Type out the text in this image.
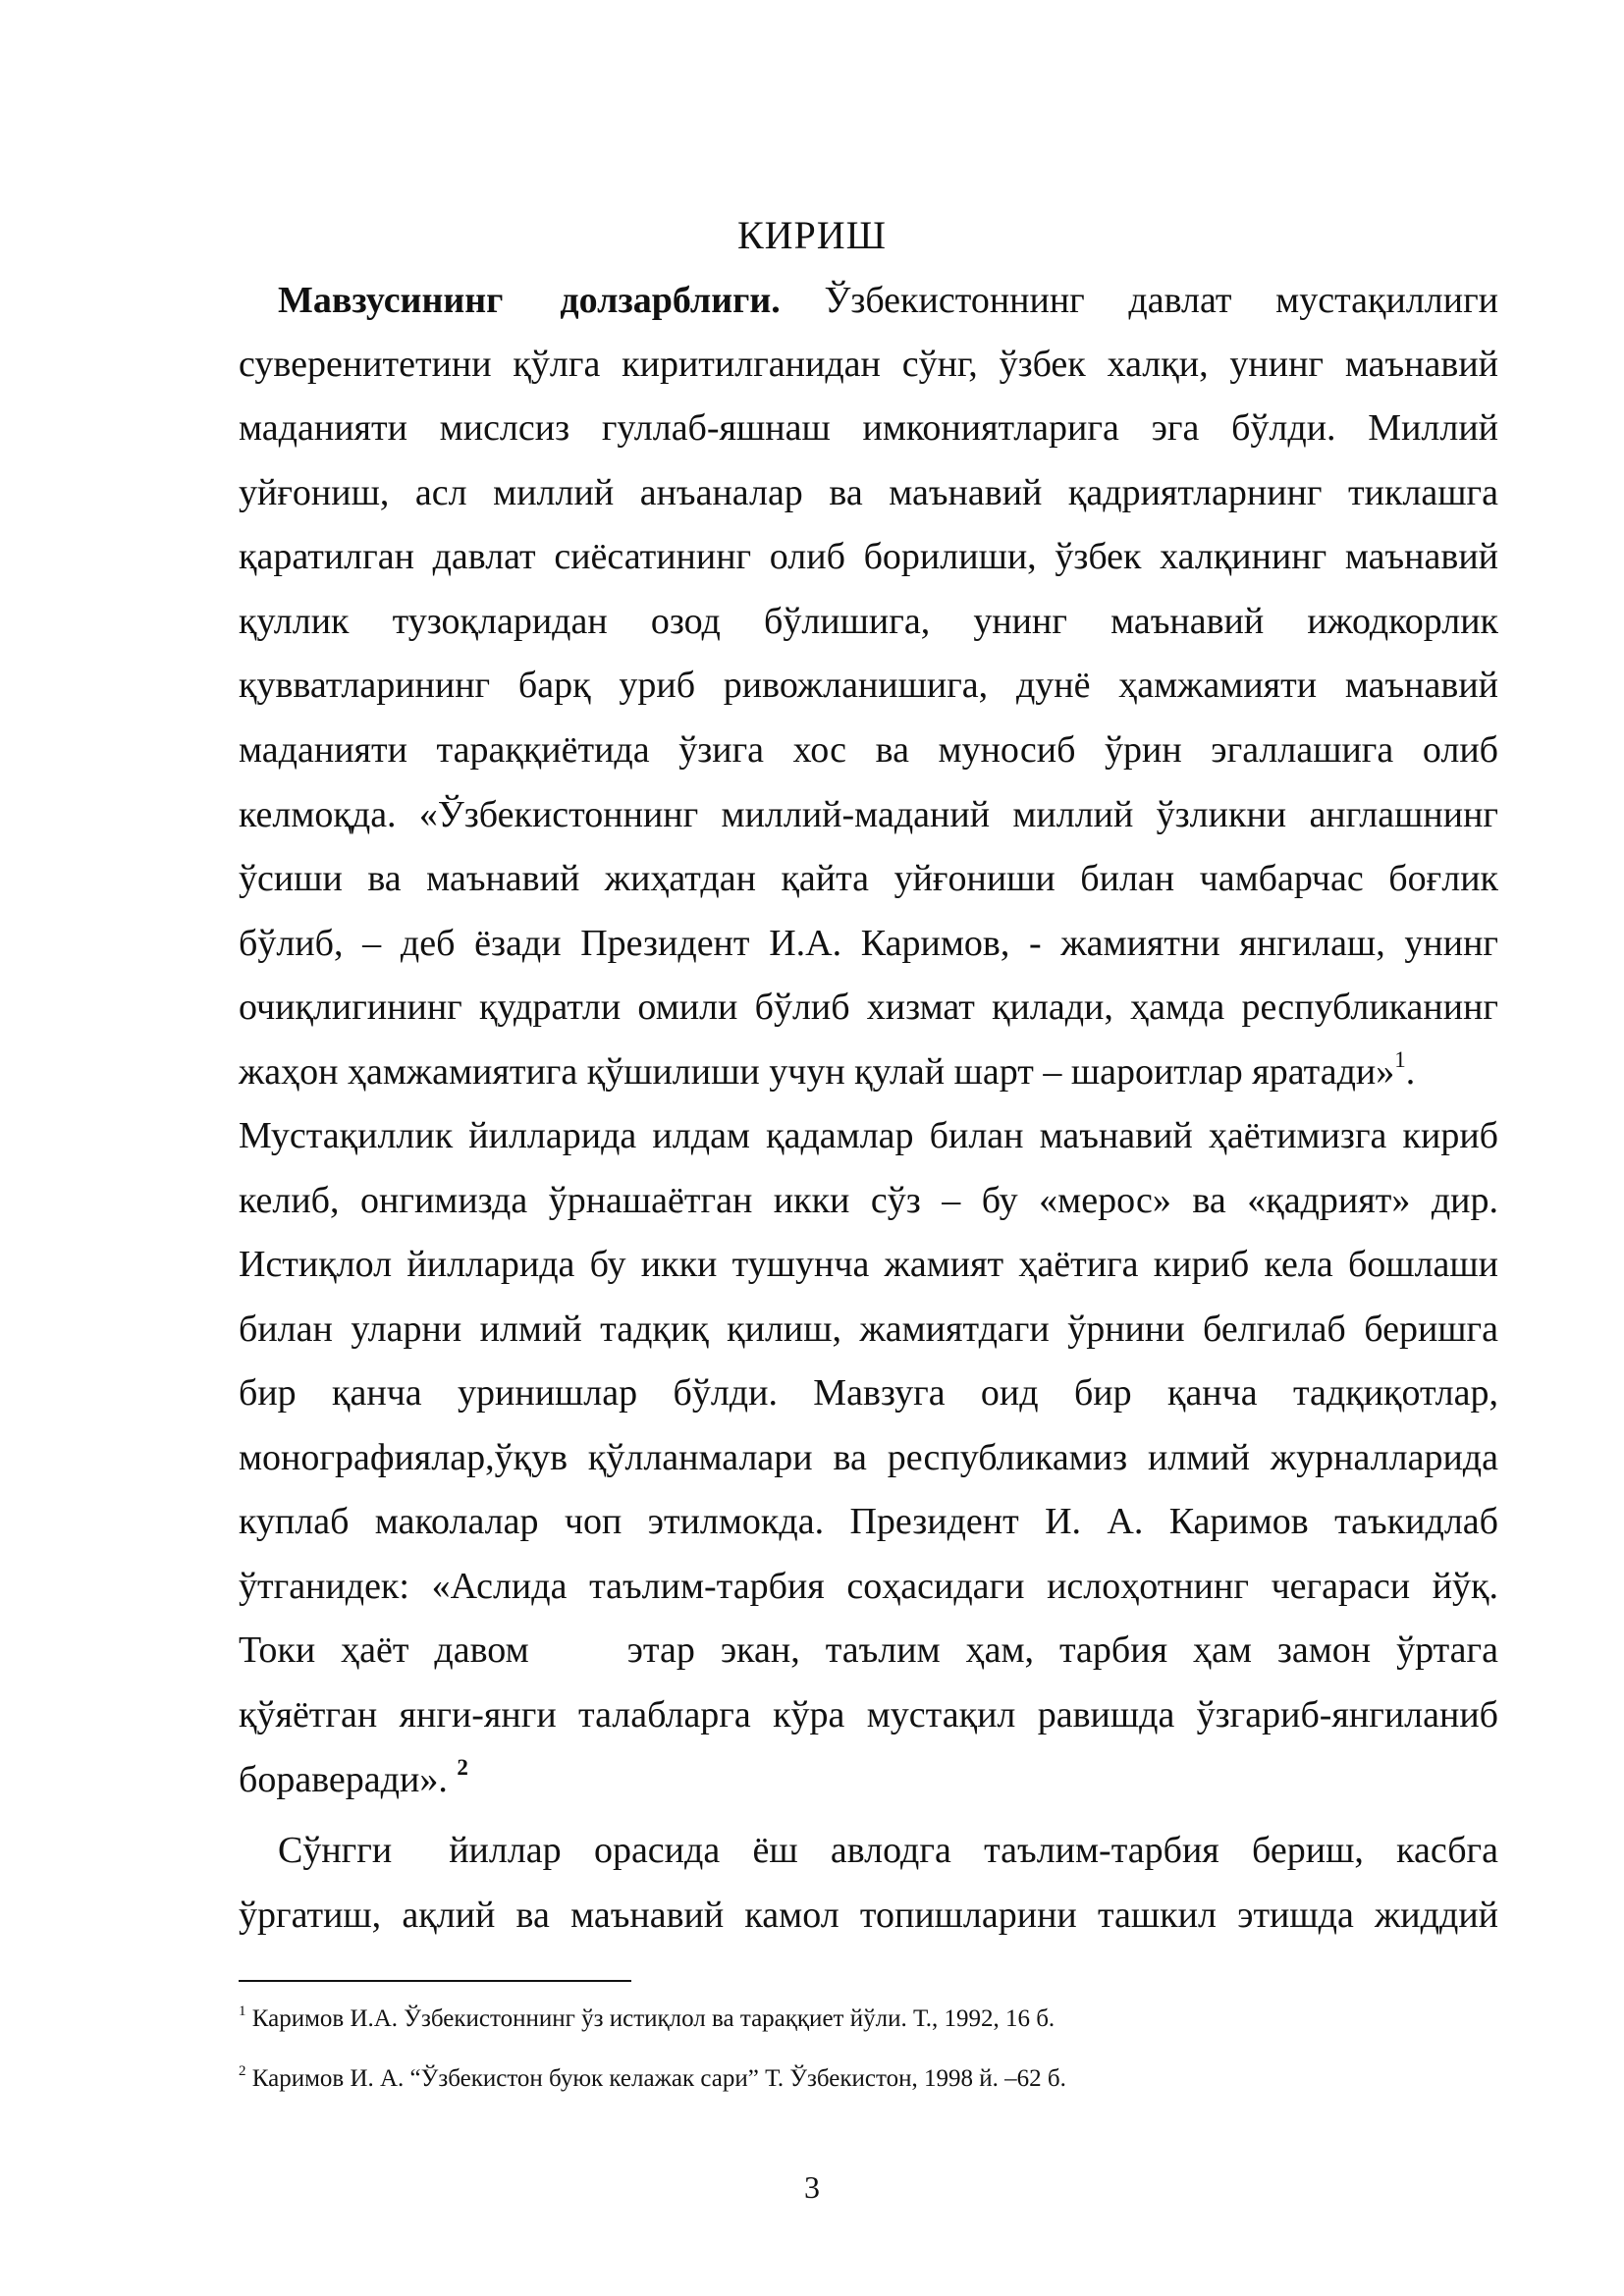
КИРИШ
Мавзусининг долзарблиги. Ўзбекистоннинг давлат мустақиллиги
суверенитетини қўлга киритилганидан сўнг, ўзбек халқи, унинг маънавий
маданияти мислсиз гуллаб-яшнаш имкониятларига эга бўлди. Миллий
уйғониш, асл миллий анъаналар ва маънавий қадриятларнинг тиклашга
қаратилган давлат сиёсатининг олиб борилиши, ўзбек халқининг маънавий
қуллик тузоқларидан озод бўлишига, унинг маънавий ижодкорлик
қувватларининг барқ уриб ривожланишига, дунё ҳамжамияти маънавий
маданияти тараққиётида ўзига хос ва муносиб ўрин эгаллашига олиб
келмоқда. «Ўзбекистоннинг миллий-маданий миллий ўзликни англашнинг
ўсиши ва маънавий жиҳатдан қайта уйғониши билан чамбарчас боғлик
бўлиб, – деб ёзади Президент И.А. Каримов, - жамиятни янгилаш, унинг
очиқлигининг қудратли омили бўлиб хизмат қилади, ҳамда республиканинг
жаҳон ҳамжамиятига қўшилиши учун қулай шарт – шароитлар яратади»$^1$.
Мустақиллик йилларида илдам қадамлар билан маънавий ҳаётимизга кириб
келиб, онгимизда ўрнашаётган икки сўз – бу «мерос» ва «қадрият» дир.
Истиқлол йилларида бу икки тушунча жамият ҳаётига кириб кела бошлаши
билан уларни илмий тадқиқ қилиш, жамиятдаги ўрнини белгилаб беришга
бир қанча уринишлар бўлди. Мавзуга оид бир қанча тадқиқотлар,
монографиялар,ўқув қўлланмалари ва республикамиз илмий журналларида
куплаб маколалар чоп этилмокда. Президент И. А. Каримов таъкидлаб
ўтганидек: «Аслида таълим-тарбия соҳасидаги ислоҳотнинг чегараси йўқ.
Токи ҳаёт давом	этар экан, таълим ҳам, тарбия ҳам замон ўртага
қўяётган янги-янги талабларга кўра мустақил равишда ўзгариб-янгиланиб
бораверади». $^2$
Сўнгги йиллар орасида ёш авлодга таълим-тарбия бериш, касбга
ўргатиш, ақлий ва маънавий камол топишларини ташкил этишда жиддий
$^1$ Каримов И.А. Ўзбекистоннинг ўз истиқлол ва тараққиет йўли. Т., 1992, 16 б.
$^2$ Каримов И. А. “Ўзбекистон буюк келажак сари” Т. Ўзбекистон, 1998 й. –62 б.
3
